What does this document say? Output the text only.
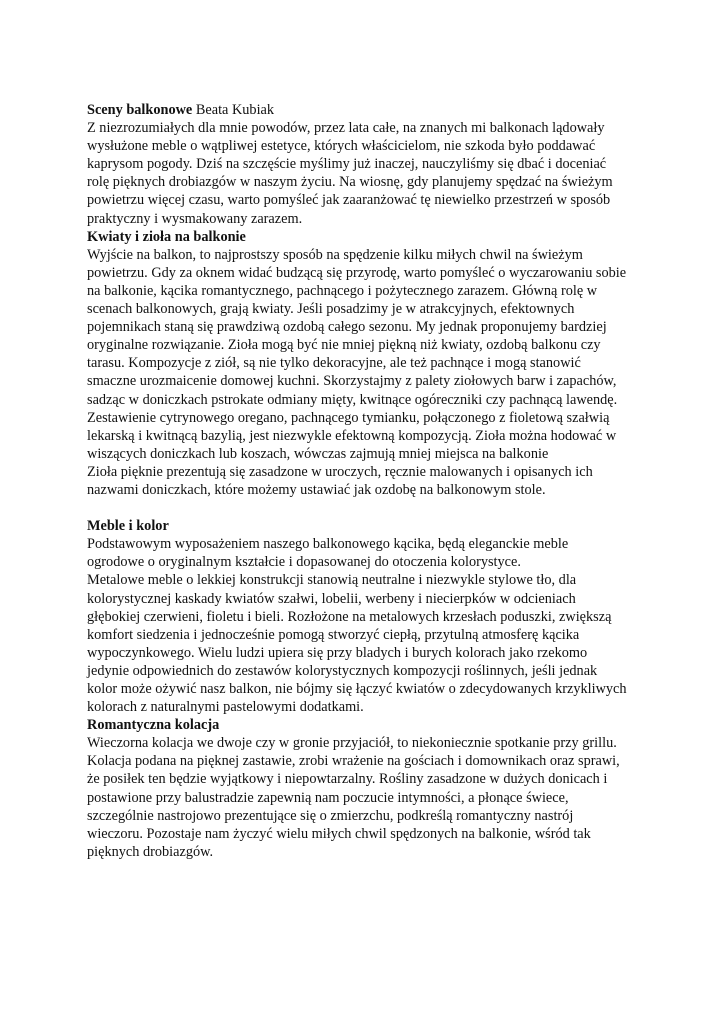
Sceny balkonowe Beata Kubiak
Z niezrozumiałych dla mnie powodów, przez lata całe, na znanych mi balkonach lądowały
wysłużone meble o wątpliwej estetyce, których właścicielom, nie szkoda było poddawać
kaprysom pogody. Dziś na szczęście myślimy już inaczej, nauczyliśmy się dbać i doceniać
rolę pięknych drobiazgów w naszym życiu. Na wiosnę, gdy planujemy spędzać na świeżym
powietrzu więcej czasu, warto pomyśleć jak zaaranżować tę niewielko przestrzeń w sposób
praktyczny i wysmakowany zarazem.
Kwiaty i zioła na balkonie
Wyjście na balkon, to najprostszy sposób na spędzenie kilku miłych chwil na świeżym
powietrzu. Gdy za oknem widać budzącą się przyrodę, warto pomyśleć o wyczarowaniu sobie
na balkonie, kącika romantycznego, pachnącego i pożytecznego zarazem. Główną rolę w
scenach balkonowych, grają kwiaty. Jeśli posadzimy je w atrakcyjnych, efektownych
pojemnikach staną się prawdziwą ozdobą całego sezonu. My jednak proponujemy bardziej
oryginalne rozwiązanie. Zioła mogą być nie mniej piękną niż kwiaty, ozdobą balkonu czy
tarasu. Kompozycje z ziół, są nie tylko dekoracyjne, ale też pachnące i mogą stanowić
smaczne urozmaicenie domowej kuchni. Skorzystajmy z palety ziołowych barw i zapachów,
sadząc w doniczkach pstrokate odmiany mięty, kwitnące ogóreczniki czy pachnącą lawendę.
Zestawienie cytrynowego oregano, pachnącego tymianku, połączonego z fioletową szałwią
lekarską i kwitnącą bazylią, jest niezwykle efektowną kompozycją. Zioła można hodować w
wiszących doniczkach lub koszach, wówczas zajmują mniej miejsca na balkonie
Zioła pięknie prezentują się zasadzone w uroczych, ręcznie malowanych i opisanych ich
nazwami doniczkach, które możemy ustawiać jak ozdobę na balkonowym stole.
Meble i kolor
Podstawowym wyposażeniem naszego balkonowego kącika, będą eleganckie meble
ogrodowe o oryginalnym kształcie i dopasowanej do otoczenia kolorystyce.
Metalowe meble o lekkiej konstrukcji stanowią neutralne i niezwykle stylowe tło, dla
kolorystycznej kaskady kwiatów szałwi, lobelii, werbeny i niecierpków w odcieniach
głębokiej czerwieni, fioletu i bieli. Rozłożone na metalowych krzesłach poduszki, zwiększą
komfort siedzenia i jednocześnie pomogą stworzyć ciepłą, przytulną atmosferę kącika
wypoczynkowego. Wielu ludzi upiera się przy bladych i burych kolorach jako rzekomo
jedynie odpowiednich do zestawów kolorystycznych kompozycji roślinnych, jeśli jednak
kolor może ożywić nasz balkon, nie bójmy się łączyć kwiatów o zdecydowanych krzykliwych
kolorach z naturalnymi pastelowymi dodatkami.
Romantyczna kolacja
Wieczorna kolacja we dwoje czy w gronie przyjaciół, to niekoniecznie spotkanie przy grillu.
Kolacja podana na pięknej zastawie, zrobi wrażenie na gościach i domownikach oraz sprawi,
że posiłek ten będzie wyjątkowy i niepowtarzalny. Rośliny zasadzone w dużych donicach i
postawione przy balustradzie zapewnią nam poczucie intymności, a płonące świece,
szczególnie nastrojowo prezentujące się o zmierzchu, podkreślą romantyczny nastrój
wieczoru. Pozostaje nam życzyć wielu miłych chwil spędzonych na balkonie, wśród tak
pięknych drobiazgów.
